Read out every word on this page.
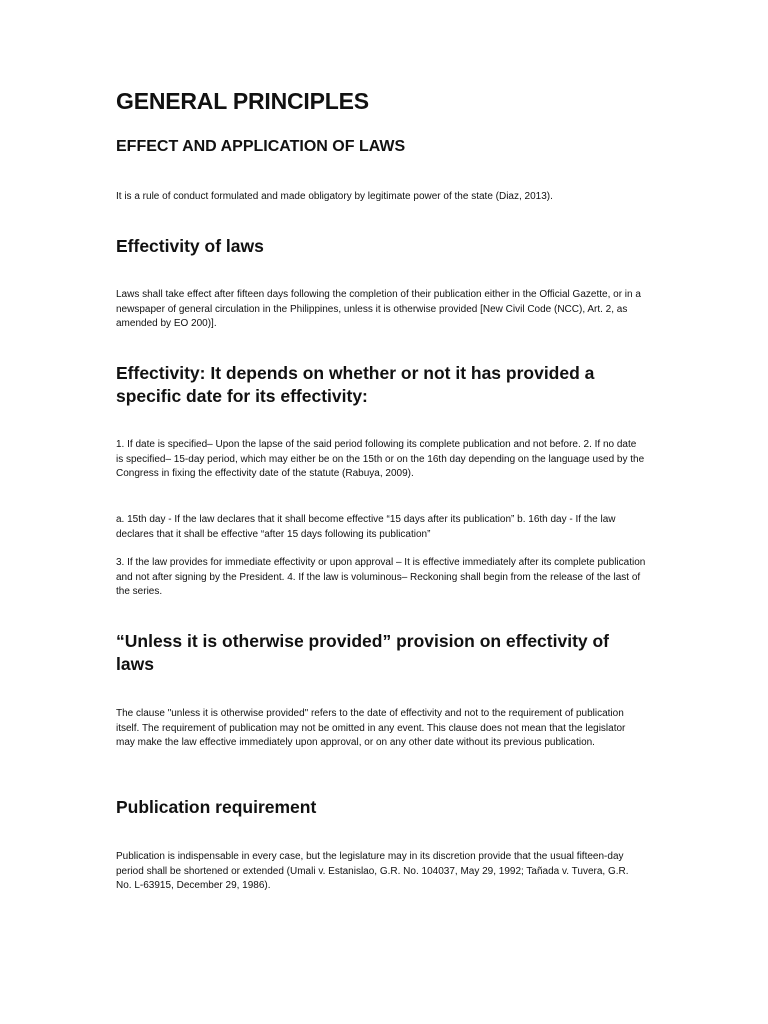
GENERAL PRINCIPLES
EFFECT AND APPLICATION OF LAWS

It is a rule of conduct formulated and made obligatory by legitimate power of the state (Diaz, 2013).

Effectivity of laws

Laws shall take effect after fifteen days following the completion of their publication either in the Official Gazette, or in a newspaper of general circulation in the Philippines, unless it is otherwise provided [New Civil Code (NCC), Art. 2, as amended by EO 200)].

Effectivity: It depends on whether or not it has provided a specific date for its effectivity:

1. If date is specified– Upon the lapse of the said period following its complete publication and not before. 2. If no date is specified– 15-day period, which may either be on the 15th or on the 16th day depending on the language used by the Congress in fixing the effectivity date of the statute (Rabuya, 2009).

a. 15th day - If the law declares that it shall become effective “15 days after its publication” b. 16th day - If the law declares that it shall be effective “after 15 days following its publication”

3. If the law provides for immediate effectivity or upon approval – It is effective immediately after its complete publication and not after signing by the President. 4. If the law is voluminous– Reckoning shall begin from the release of the last of the series.

“Unless it is otherwise provided” provision on effectivity of laws

The clause "unless it is otherwise provided" refers to the date of effectivity and not to the requirement of publication itself. The requirement of publication may not be omitted in any event. This clause does not mean that the legislator may make the law effective immediately upon approval, or on any other date without its previous publication.

Publication requirement

Publication is indispensable in every case, but the legislature may in its discretion provide that the usual fifteen-day period shall be shortened or extended (Umali v. Estanislao, G.R. No. 104037, May 29, 1992; Tañada v. Tuvera, G.R. No. L-63915, December 29, 1986).
